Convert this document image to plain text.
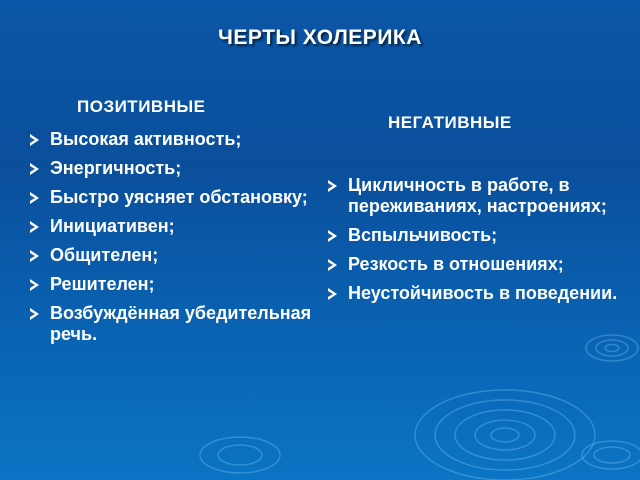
ЧЕРТЫ ХОЛЕРИКА
ПОЗИТИВНЫЕ
НЕГАТИВНЫЕ
Высокая активность;
Энергичность;
Быстро уясняет обстановку;
Инициативен;
Общителен;
Решителен;
Возбуждённая убедительная речь.
Цикличность в работе, в переживаниях, настроениях;
Вспыльчивость;
Резкость в отношениях;
Неустойчивость в поведении.
